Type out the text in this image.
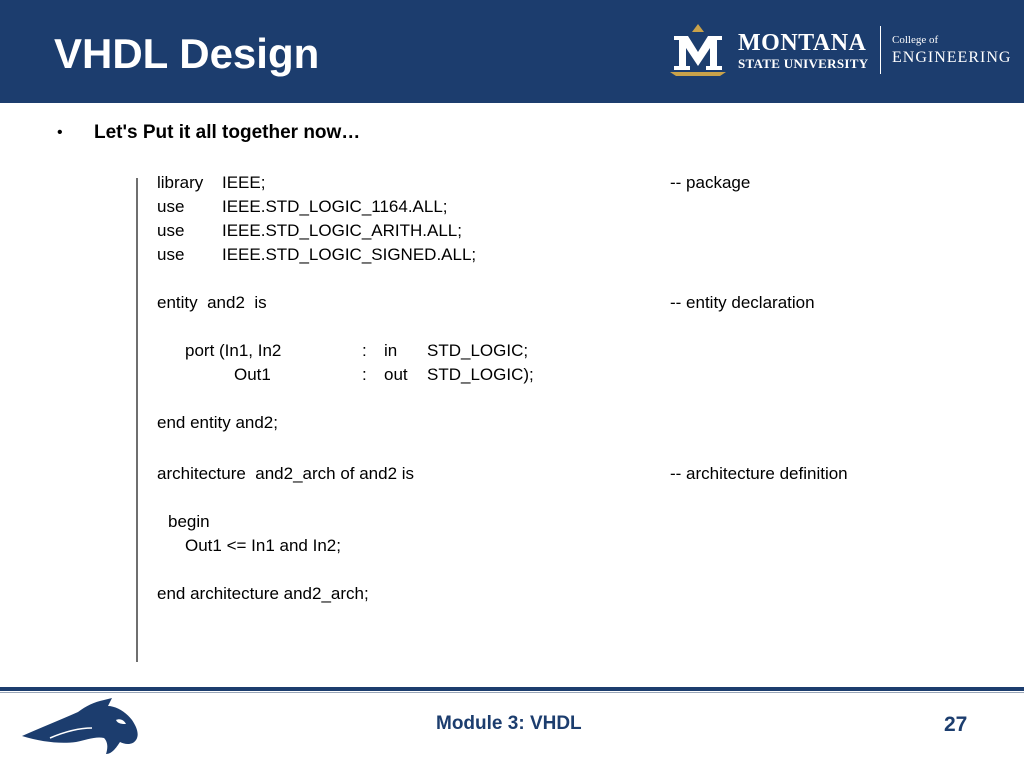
VHDL Design	MONTANA
STATE UNIVERSITY
College of
ENGINEERING
• Let's Put it all together now…
library IEEE;	-- package
use IEEE.STD_LOGIC_1164.ALL;
use IEEE.STD_LOGIC_ARITH.ALL;
use IEEE.STD_LOGIC_SIGNED.ALL;
entity  and2  is	-- entity declaration
port (In1, In2	: in STD_LOGIC;
Out1	: out STD_LOGIC);
end entity and2;
architecture  and2_arch of and2 is	-- architecture definition
begin
Out1 <= In1 and In2;
end architecture and2_arch;
Module 3: VHDL	27
